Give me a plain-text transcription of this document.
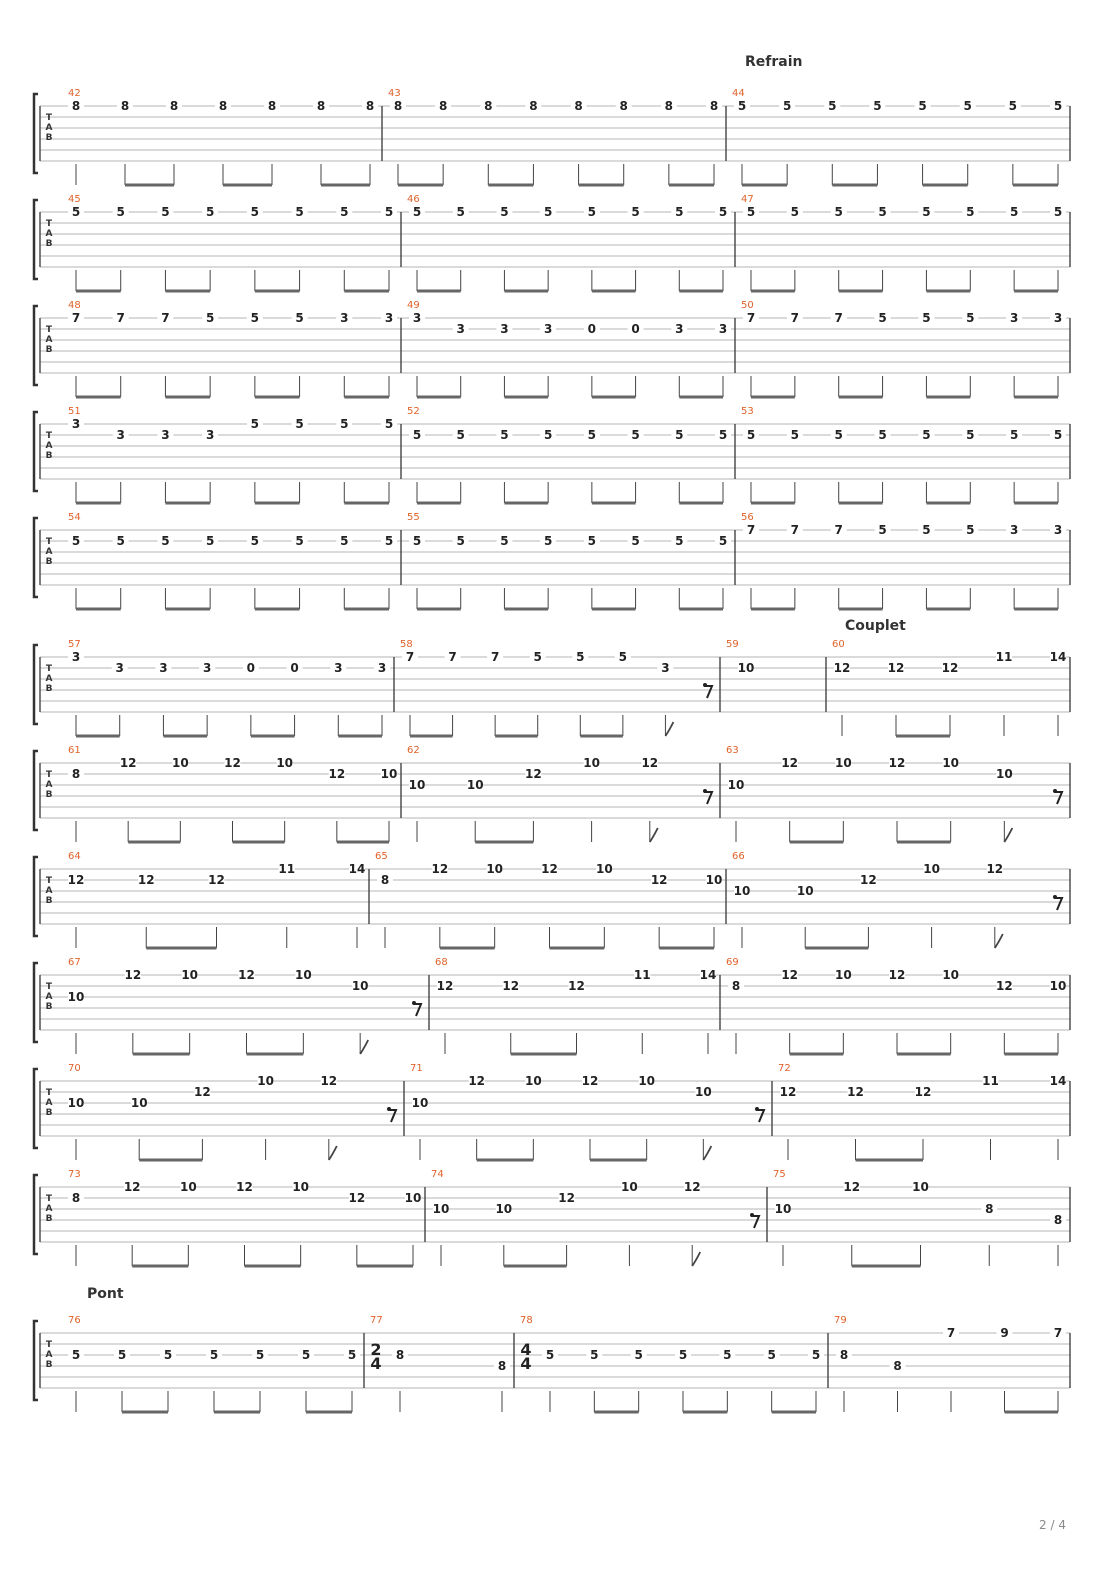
T
A
B
42
8	8	8	8	8	8	8
43
8	8	8	8	8	8	8	8
44
5	5	5	5	5	5	5	5
T
A
B
45
5	5	5	5	5	5	5	5
46
5	5	5	5	5	5	5	5
47
5	5	5	5	5	5	5	5
T
A
B
48
7	7	7	5	5	5	3	3
49
3
3	3	3	0	0	3	3
50
7	7	7	5	5	5	3	3
T
A
B
51
3
3	3	3
5	5	5	5
52
5	5	5	5	5	5	5	5
53
5	5	5	5	5	5	5	5
T
A
B
54
5	5	5	5	5	5	5	5
55
5	5	5	5	5	5	5	5
56
7	7	7	5	5	5	3	3
T
A
B
57
3
3	3	3	0	0	3	3
58
7	7	7	5	5	5
3
59
10
60
12	12	12
11	14
T
A
B
61
8
12	10	12	10
12	10
62
10	10
12
10	12
63
10
12	10	12	10
10
T
A
B
64
12	12	12
11	14
65
8
12	10	12	10
12	10
66
10	10
12
10	12
T
A
B
67
10
12	10	12	10
10
68
12	12	12
11	14
69
8
12	10	12	10
12	10
T
A
B
70
10	10
12
10	12
71
10
12	10	12	10
10
72
12	12	12
11	14
T
A
B
73
8
12	10	12	10
12	10
74
10	10
12
10	12
75
10
12	10
8
8
T
A
B
76
5	5	5	5	5	5	5
77
2
4 8
8
78
4
4 5	5	5	5	5	5	5
79
8
8
7	9	7
Refrain
Couplet
Pont
2 / 4
